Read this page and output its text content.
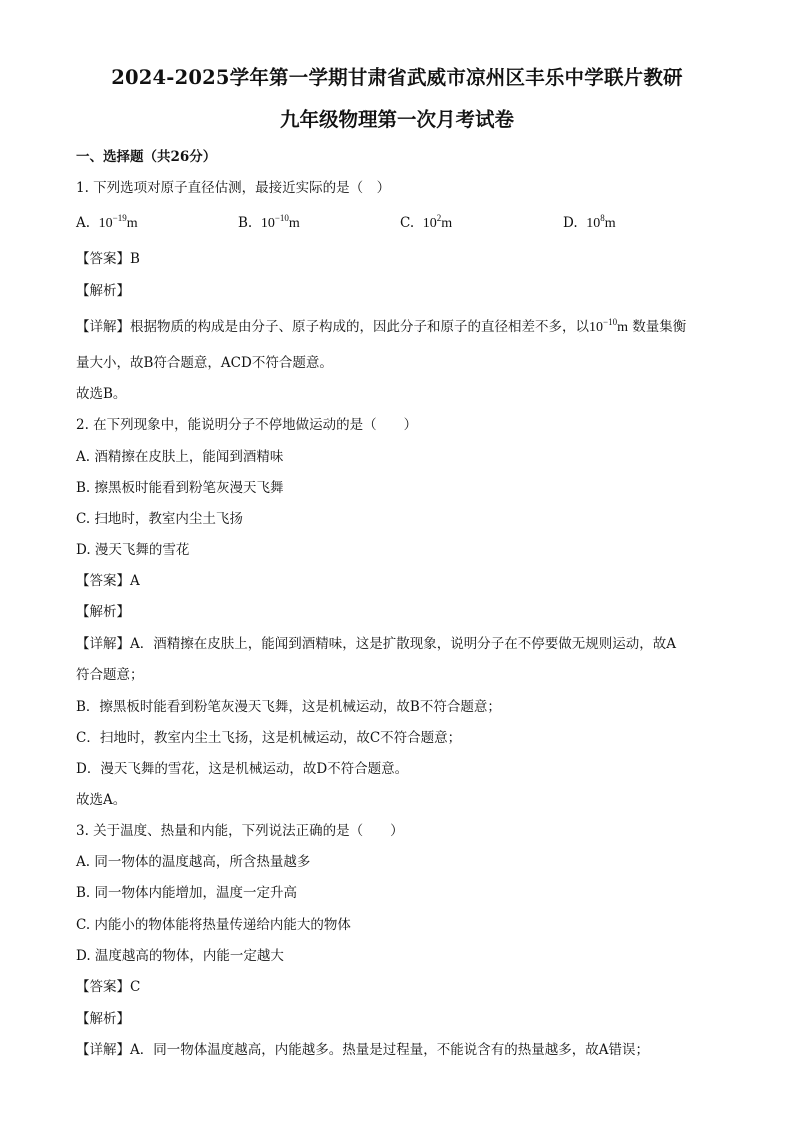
2024-2025学年第一学期甘肃省武威市凉州区丰乐中学联片教研
九年级物理第一次月考试卷
一、选择题（共26分）
1. 下列选项对原子直径估测，最接近实际的是（　）
A. $10^{-19}m$	B. $10^{-10}m$	C. $10^2m$	D. $10^8m$
【答案】B
【解析】
【详解】根据物质的构成是由分子、原子构成的，因此分子和原子的直径相差不多，以$10^{-10}m$ 数量集衡
量大小，故B符合题意，ACD不符合题意。
故选B。
2. 在下列现象中，能说明分子不停地做运动的是（　　）
A. 酒精擦在皮肤上，能闻到酒精味
B. 擦黑板时能看到粉笔灰漫天飞舞
C. 扫地时，教室内尘土飞扬
D. 漫天飞舞的雪花
【答案】A
【解析】
【详解】A．酒精擦在皮肤上，能闻到酒精味，这是扩散现象，说明分子在不停要做无规则运动，故A
符合题意；
B．擦黑板时能看到粉笔灰漫天飞舞，这是机械运动，故B不符合题意；
C．扫地时，教室内尘土飞扬，这是机械运动，故C不符合题意；
D．漫天飞舞的雪花，这是机械运动，故D不符合题意。
故选A。
3. 关于温度、热量和内能，下列说法正确的是（　　）
A. 同一物体的温度越高，所含热量越多
B. 同一物体内能增加，温度一定升高
C. 内能小的物体能将热量传递给内能大的物体
D. 温度越高的物体，内能一定越大
【答案】C
【解析】
【详解】A．同一物体温度越高，内能越多。热量是过程量，不能说含有的热量越多，故A错误；
